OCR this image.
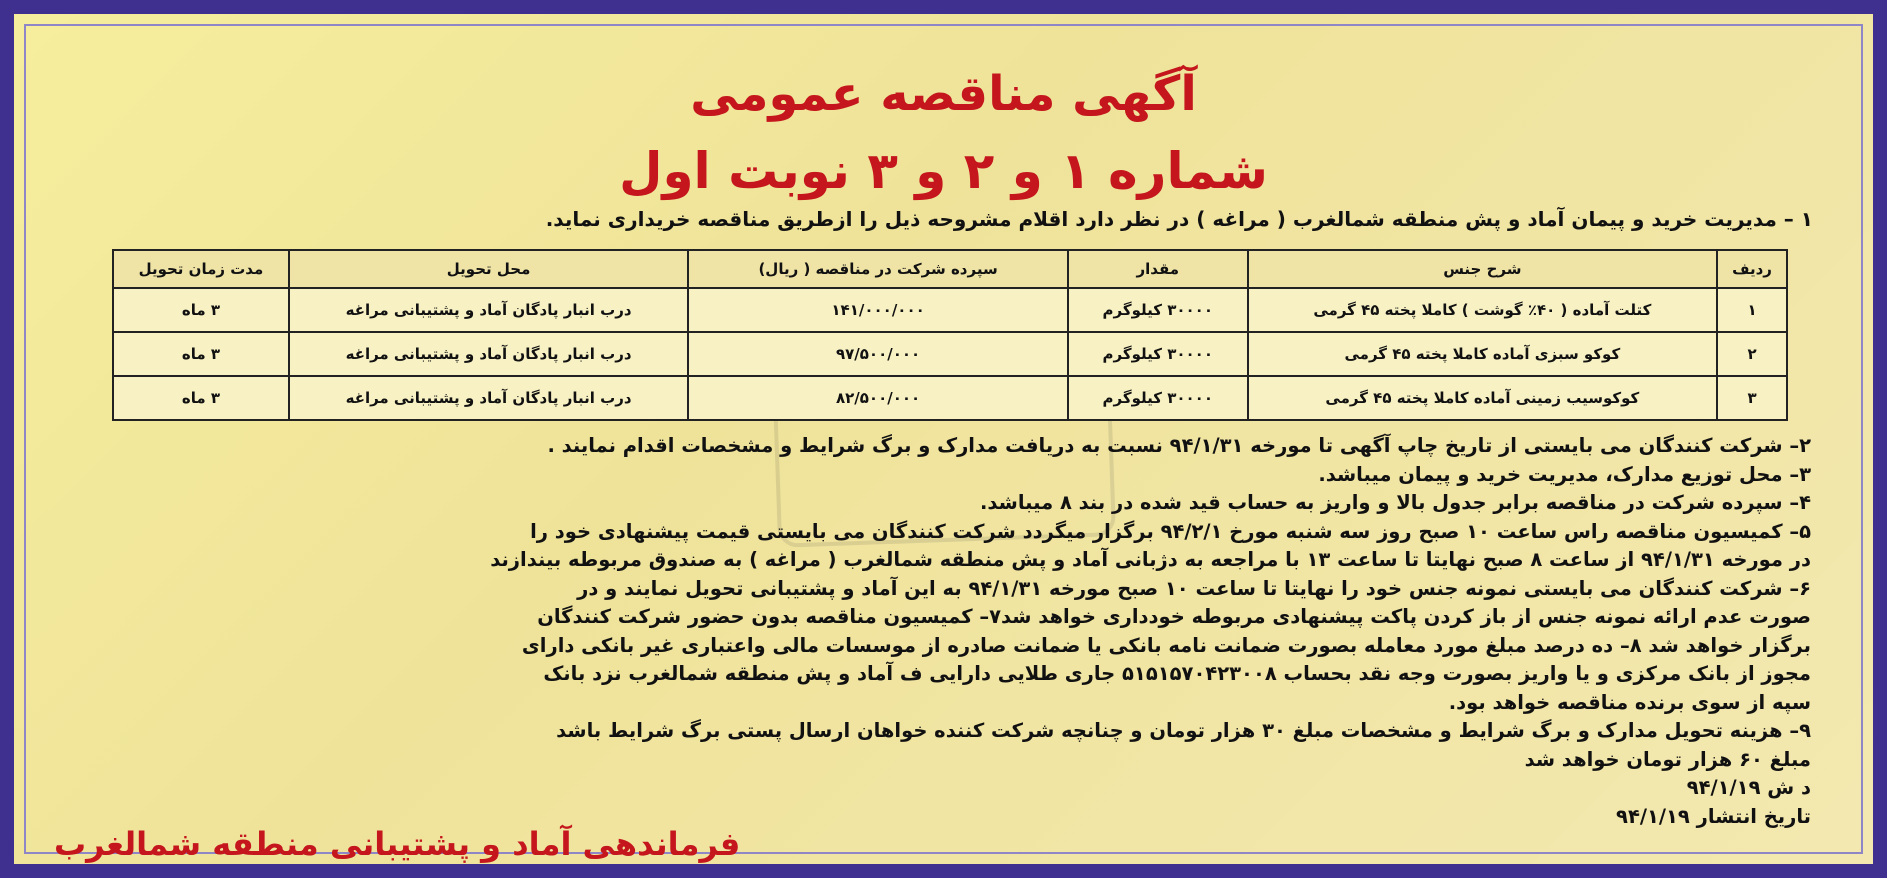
آگهی مناقصه عمومی
شماره ۱ و ۲ و ۳ نوبت اول
۱ – مدیریت خرید و پیمان آماد و پش منطقه شمالغرب ( مراغه ) در نظر دارد اقلام مشروحه ذیل را ازطریق مناقصه خریداری نماید.
ردیف	شرح جنس	مقدار	سپرده شرکت در مناقصه ( ریال)	محل تحویل	مدت زمان تحویل
۱	کتلت آماده ( ۴۰٪ گوشت ) کاملا پخته ۴۵ گرمی	۳۰۰۰۰ کیلوگرم	۱۴۱/۰۰۰/۰۰۰	درب انبار پادگان آماد و پشتیبانی مراغه	۳ ماه
۲	کوکو سبزی آماده کاملا پخته ۴۵ گرمی	۳۰۰۰۰ کیلوگرم	۹۷/۵۰۰/۰۰۰	درب انبار پادگان آماد و پشتیبانی مراغه	۳ ماه
۳	کوکوسیب زمینی آماده کاملا پخته ۴۵ گرمی	۳۰۰۰۰ کیلوگرم	۸۲/۵۰۰/۰۰۰	درب انبار پادگان آماد و پشتیبانی مراغه	۳ ماه

۲– شرکت کنندگان می بایستی از تاریخ چاپ آگهی تا مورخه ۹۴/۱/۳۱ نسبت به دریافت مدارک و برگ شرایط و مشخصات اقدام نمایند .

۳– محل توزیع مدارک، مدیریت خرید و پیمان میباشد.

۴– سپرده شرکت در مناقصه برابر جدول بالا و واریز به حساب قید شده در بند ۸ میباشد.

۵– کمیسیون مناقصه راس ساعت ۱۰ صبح روز سه شنبه مورخ ۹۴/۲/۱ برگزار میگردد شرکت کنندگان می بایستی قیمت پیشنهادی خود را

در مورخه ۹۴/۱/۳۱ از ساعت ۸ صبح نهایتا تا ساعت ۱۳ با مراجعه به دژبانی آماد و پش منطقه شمالغرب ( مراغه ) به صندوق مربوطه بیندازند

۶– شرکت کنندگان می بایستی نمونه جنس خود را نهایتا تا ساعت ۱۰ صبح مورخه ۹۴/۱/۳۱ به این آماد و پشتیبانی تحویل نمایند و در

صورت عدم ارائه نمونه جنس از باز کردن پاکت پیشنهادی مربوطه خودداری خواهد شد۷– کمیسیون مناقصه بدون حضور شرکت کنندگان

برگزار خواهد شد ۸– ده درصد مبلغ مورد معامله بصورت ضمانت نامه بانکی یا ضمانت صادره از موسسات مالی واعتباری غیر بانکی دارای

مجوز از بانک مرکزی و یا واریز بصورت وجه نقد بحساب ۵۱۵۱۵۷۰۴۲۳۰۰۸ جاری طلایی دارایی ف آماد و پش منطقه شمالغرب نزد بانک

سپه از سوی برنده مناقصه خواهد بود.

۹– هزینه تحویل مدارک و برگ شرایط و مشخصات مبلغ ۳۰ هزار تومان و چنانچه شرکت کننده خواهان ارسال پستی برگ شرایط باشد

مبلغ ۶۰ هزار تومان خواهد شد

د ش ۹۴/۱/۱۹

تاریخ انتشار ۹۴/۱/۱۹

فرماندهی آماد و پشتیبانی منطقه شمالغرب
